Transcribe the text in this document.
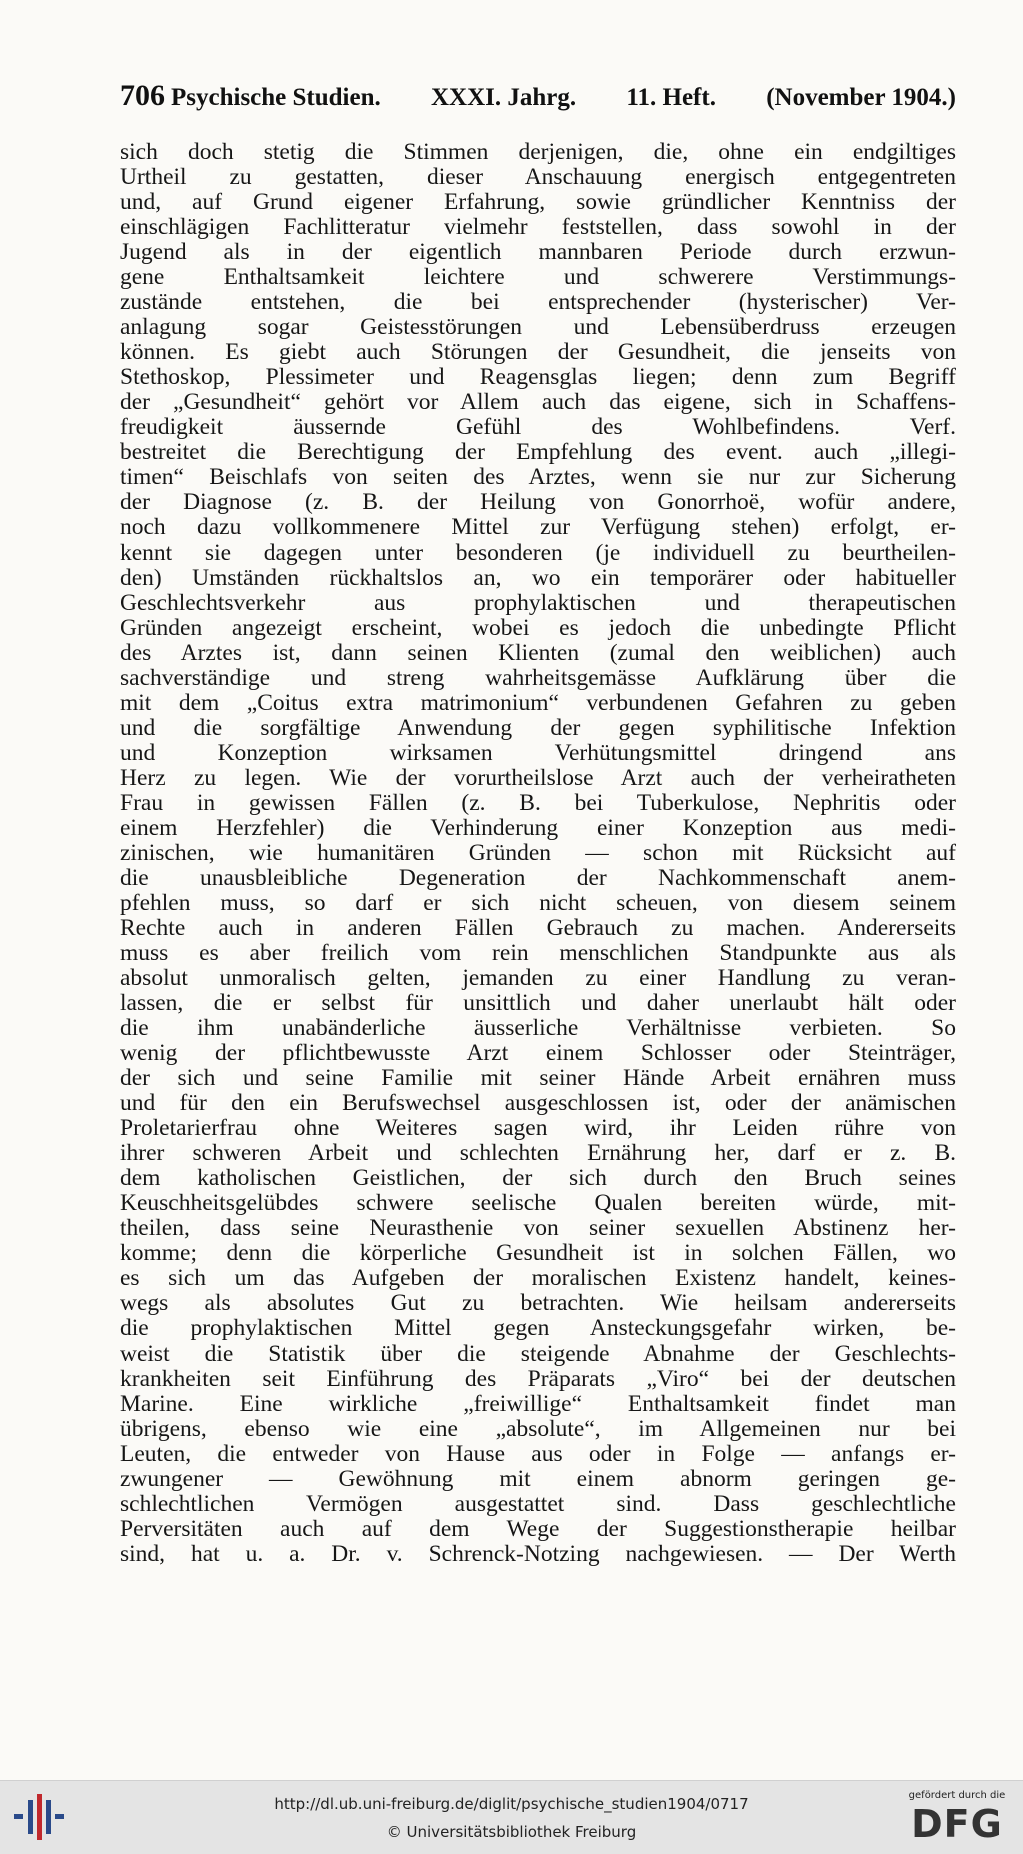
706 Psychische Studien. XXXI. Jahrg. 11. Heft. (November 1904.)
sich doch stetig die Stimmen derjenigen, die, ohne ein endgiltiges
Urtheil zu gestatten, dieser Anschauung energisch entgegentreten
und, auf Grund eigener Erfahrung, sowie gründlicher Kenntniss der
einschlägigen Fachlitteratur vielmehr feststellen, dass sowohl in der
Jugend als in der eigentlich mannbaren Periode durch erzwun-
gene Enthaltsamkeit leichtere und schwerere Verstimmungs-
zustände entstehen, die bei entsprechender (hysterischer) Ver-
anlagung sogar Geistesstörungen und Lebensüberdruss erzeugen
können. Es giebt auch Störungen der Gesundheit, die jenseits von
Stethoskop, Plessimeter und Reagensglas liegen; denn zum Begriff
der „Gesundheit“ gehört vor Allem auch das eigene, sich in Schaffens-
freudigkeit äussernde Gefühl des Wohlbefindens. Verf.
bestreitet die Berechtigung der Empfehlung des event. auch „illegi-
timen“ Beischlafs von seiten des Arztes, wenn sie nur zur Sicherung
der Diagnose (z. B. der Heilung von Gonorrhoë, wofür andere,
noch dazu vollkommenere Mittel zur Verfügung stehen) erfolgt, er-
kennt sie dagegen unter besonderen (je individuell zu beurtheilen-
den) Umständen rückhaltslos an, wo ein temporärer oder habitueller
Geschlechtsverkehr aus prophylaktischen und therapeutischen
Gründen angezeigt erscheint, wobei es jedoch die unbedingte Pflicht
des Arztes ist, dann seinen Klienten (zumal den weiblichen) auch
sachverständige und streng wahrheitsgemässe Aufklärung über die
mit dem „Coitus extra matrimonium“ verbundenen Gefahren zu geben
und die sorgfältige Anwendung der gegen syphilitische Infektion
und Konzeption wirksamen Verhütungsmittel dringend ans
Herz zu legen. Wie der vorurtheilslose Arzt auch der verheiratheten
Frau in gewissen Fällen (z. B. bei Tuberkulose, Nephritis oder
einem Herzfehler) die Verhinderung einer Konzeption aus medi-
zinischen, wie humanitären Gründen — schon mit Rücksicht auf
die unausbleibliche Degeneration der Nachkommenschaft anem-
pfehlen muss, so darf er sich nicht scheuen, von diesem seinem
Rechte auch in anderen Fällen Gebrauch zu machen. Andererseits
muss es aber freilich vom rein menschlichen Standpunkte aus als
absolut unmoralisch gelten, jemanden zu einer Handlung zu veran-
lassen, die er selbst für unsittlich und daher unerlaubt hält oder
die ihm unabänderliche äusserliche Verhältnisse verbieten. So
wenig der pflichtbewusste Arzt einem Schlosser oder Steinträger,
der sich und seine Familie mit seiner Hände Arbeit ernähren muss
und für den ein Berufswechsel ausgeschlossen ist, oder der anämischen
Proletarierfrau ohne Weiteres sagen wird, ihr Leiden rühre von
ihrer schweren Arbeit und schlechten Ernährung her, darf er z. B.
dem katholischen Geistlichen, der sich durch den Bruch seines
Keuschheitsgelübdes schwere seelische Qualen bereiten würde, mit-
theilen, dass seine Neurasthenie von seiner sexuellen Abstinenz her-
komme; denn die körperliche Gesundheit ist in solchen Fällen, wo
es sich um das Aufgeben der moralischen Existenz handelt, keines-
wegs als absolutes Gut zu betrachten. Wie heilsam andererseits
die prophylaktischen Mittel gegen Ansteckungsgefahr wirken, be-
weist die Statistik über die steigende Abnahme der Geschlechts-
krankheiten seit Einführung des Präparats „Viro“ bei der deutschen
Marine. Eine wirkliche „freiwillige“ Enthaltsamkeit findet man
übrigens, ebenso wie eine „absolute“, im Allgemeinen nur bei
Leuten, die entweder von Hause aus oder in Folge — anfangs er-
zwungener — Gewöhnung mit einem abnorm geringen ge-
schlechtlichen Vermögen ausgestattet sind. Dass geschlechtliche
Perversitäten auch auf dem Wege der Suggestionstherapie heilbar
sind, hat u. a. Dr. v. Schrenck-Notzing nachgewiesen. — Der Werth
http://dl.ub.uni-freiburg.de/diglit/psychische_studien1904/0717
© Universitätsbibliothek Freiburg
gefördert durch die
DFG
